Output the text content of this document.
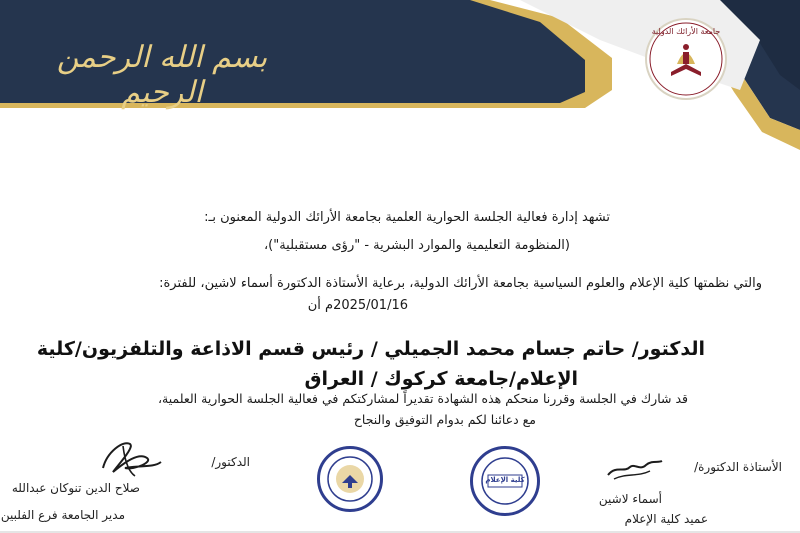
بسم الله الرحمن الرحيم
جامعة الأرائك الدولية
تشهد إدارة فعالية الجلسة الحوارية العلمية بجامعة الأرائك الدولية المعنون بـ:
(المنظومة التعليمية والموارد البشرية - "رؤى مستقبلية")،
والتي نظمتها كلية الإعلام والعلوم السياسية بجامعة الأرائك الدولية، برعاية الأستاذة الدكتورة أسماء لاشين، للفترة:
2025/01/16م أن
الدكتور/ حاتم جسام محمد الجميلي / رئيس قسم الاذاعة والتلفزيون/كلية
الإعلام/جامعة كركوك / العراق
قد شارك في الجلسة وقررنا منحكم هذه الشهادة تقديراً لمشاركتكم في فعالية الجلسة الحوارية العلمية،
مع دعائنا لكم بدوام التوفيق والنجاح
الدكتور/
صلاح الدين تنوكان عبدالله
مدير الجامعة فرع الفلبين
كلية الإعلام
الأستاذة الدكتورة/
أسماء لاشين
عميد كلية الإعلام
